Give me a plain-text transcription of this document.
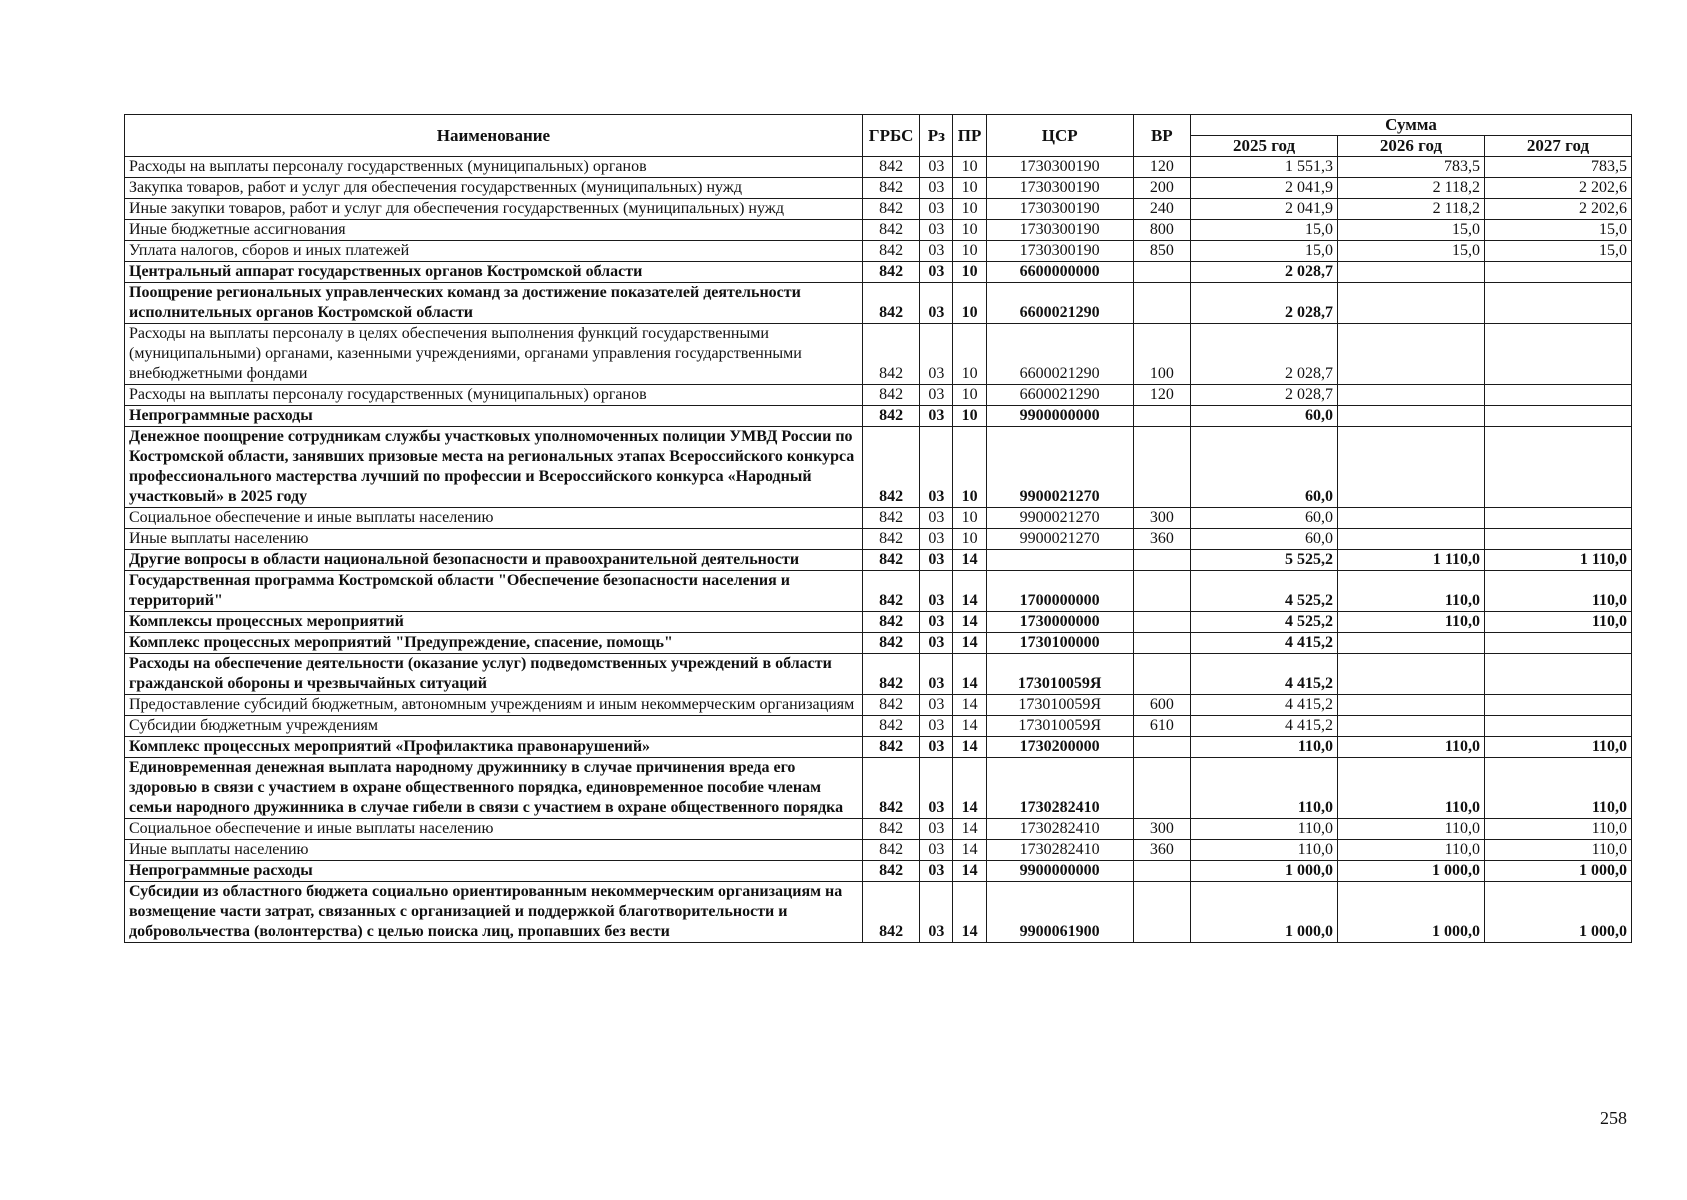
Наименование	ГРБС	Рз	ПР	ЦСР	ВР	Сумма		
						2025 год	2026 год	2027 год
Расходы на выплаты персоналу государственных (муниципальных) органов	842	03	10	1730300190	120	1 551,3	783,5	783,5
Закупка товаров, работ и услуг для обеспечения государственных (муниципальных) нужд	842	03	10	1730300190	200	2 041,9	2 118,2	2 202,6
Иные закупки товаров, работ и услуг для обеспечения государственных (муниципальных) нужд	842	03	10	1730300190	240	2 041,9	2 118,2	2 202,6
Иные бюджетные ассигнования	842	03	10	1730300190	800	15,0	15,0	15,0
Уплата налогов, сборов и иных платежей	842	03	10	1730300190	850	15,0	15,0	15,0
Центральный аппарат государственных органов Костромской области	842	03	10	6600000000		2 028,7		
Поощрение региональных управленческих команд за достижение показателей деятельности исполнительных органов Костромской области	842	03	10	6600021290		2 028,7		
Расходы на выплаты персоналу в целях обеспечения выполнения функций государственными (муниципальными) органами, казенными учреждениями, органами управления государственными внебюджетными фондами	842	03	10	6600021290	100	2 028,7		
Расходы на выплаты персоналу государственных (муниципальных) органов	842	03	10	6600021290	120	2 028,7		
Непрограммные расходы	842	03	10	9900000000		60,0		
Денежное поощрение сотрудникам службы участковых уполномоченных полиции УМВД России по Костромской области, занявших призовые места на региональных этапах Всероссийского конкурса профессионального мастерства лучший по профессии и Всероссийского конкурса «Народный участковый» в 2025 году	842	03	10	9900021270		60,0		
Социальное обеспечение и иные выплаты населению	842	03	10	9900021270	300	60,0		
Иные выплаты населению	842	03	10	9900021270	360	60,0		
Другие вопросы в области национальной безопасности и правоохранительной деятельности	842	03	14			5 525,2	1 110,0	1 110,0
Государственная программа Костромской области "Обеспечение безопасности населения и территорий"	842	03	14	1700000000		4 525,2	110,0	110,0
Комплексы процессных мероприятий	842	03	14	1730000000		4 525,2	110,0	110,0
Комплекс процессных мероприятий "Предупреждение, спасение, помощь"	842	03	14	1730100000		4 415,2		
Расходы на обеспечение деятельности (оказание услуг) подведомственных учреждений в области гражданской обороны и чрезвычайных ситуаций	842	03	14	173010059Я		4 415,2		
Предоставление субсидий бюджетным, автономным учреждениям и иным некоммерческим организациям	842	03	14	173010059Я	600	4 415,2		
Субсидии бюджетным учреждениям	842	03	14	173010059Я	610	4 415,2		
Комплекс процессных мероприятий «Профилактика правонарушений»	842	03	14	1730200000		110,0	110,0	110,0
Единовременная денежная выплата народному дружиннику в случае причинения вреда его здоровью в связи с участием в охране общественного порядка, единовременное пособие членам семьи народного дружинника в случае гибели в связи с участием в охране общественного порядка	842	03	14	1730282410		110,0	110,0	110,0
Социальное обеспечение и иные выплаты населению	842	03	14	1730282410	300	110,0	110,0	110,0
Иные выплаты населению	842	03	14	1730282410	360	110,0	110,0	110,0
Непрограммные расходы	842	03	14	9900000000		1 000,0	1 000,0	1 000,0
Субсидии из областного бюджета социально ориентированным некоммерческим организациям на возмещение части затрат, связанных с организацией и поддержкой благотворительности и добровольчества (волонтерства) с целью поиска лиц, пропавших без вести	842	03	14	9900061900		1 000,0	1 000,0	1 000,0
258
